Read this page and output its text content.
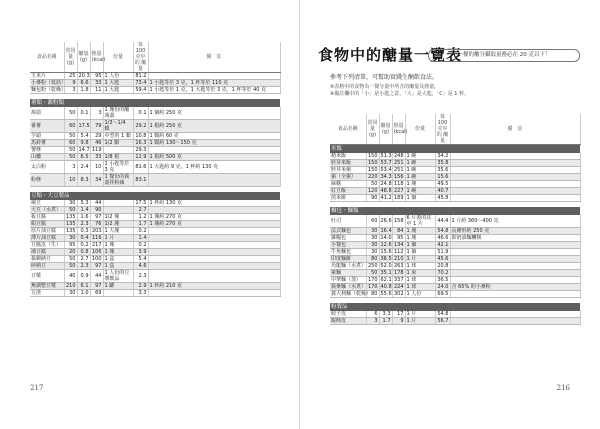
食品名稱	常用量 (g)	醣量 (g)	熱量 (kcal)	份量	每 100 克中的 醣量	備　註
玉米片	25	20.3	95	1 人份	81.2	
小麥粉（低筋）	9	6.6	33	1 大匙	73.4	1 小匙等於 3 克，1 杯等於 110 克
麵包粉（乾燥）	3	1.8	11	1 大匙	59.4	1 小匙等於 1 克，1 大匙等於 3 克，1 杯等於 40 克

薯類・澱粉類						
蒟蒻	50	0.1	3	1 塊份的醣 蒟蒻	0.1	1 個約 250 克
番薯	60	17.5	79	1/3～1/4 顆	29.2	1 根約 250 克
芋頭	50	5.4	29	中型的 1 顆	10.8	1 顆約 60 克
馬鈴薯	60	9.8	46	1/2 顆	16.3	1 顆約 130～150 克
薯條	50	14.7	119		29.3	
山藥	50	6.5	33	1/8 根	12.9	1 根約 500 克
太白粉	3	2.4	10	1 小匙等於 3 克	81.6	1 大匙約 9 克，1 杯約 130 克
粉條	10	8.3	34	1 餐份的蒟 蒻拌粉絲	83.1	

豆類・大豆製品						
豌豆	30	5.3	44		17.5	1 杯約 130 克
大豆（水煮）	50	1.4	90		2.7	
板豆腐	135	1.6	97	1/2 塊	1.2	1 塊約 270 克
絹豆腐	135	2.3	76	1/2 塊	1.7	1 塊約 270 克
厚片油豆腐	135	0.3	203	1 大塊	0.2	
薄片油豆腐	30	0.4	116	1 片	1.4	
豆腐皮（生）	95	0.2	217	1 塊	0.2	
凍豆腐	20	0.8	106	1 塊	3.9	
黏稠納豆	50	2.7	100	1 盒	5.4	
碎納豆	50	2.3	97	1 盒	4.6	
豆漿	40	0.9	44	1 人份的豆 漿飲品	2.3	
無調整豆漿	210	6.1	97	1 罐	2.9	1 杯約 210 克
豆渣	30	1.0	69		3.3	
217
食物中的醣量一覽表
一餐的醣分攝取量務必在 20 克以下！
參考下列清單，可幫助實踐生酮飲食法。
※表格中的食物為一餐分量中所含的醣量及熱量。
※備註欄中的「小」是小匙之意，「大」是大匙，「C」是 1 杯。
食品名稱	常用量 (g)	醣量 (g)	熱量 (kcal)	份量	每 100 克中的 醣量	備　註
米飯						
精米飯	150	51.3	248	1 碗	34.2	
胚芽米飯	150	53.7	251	1 碗	35.8	
胚芽米粥	150	53.4	251	1 碗	35.6	
粥（全粥）	220	34.3	156	1 碗	15.6	
麻糬	50	24.8	118	1 塊	49.5	
紅豆飯	120	48.8	227	1 碗	40.7	
煎米餅	90	41.2	189	1 個	45.8	

麵包・麵類						
吐司	60	26.6	158	6 片裝的其 中 1 片	44.4	1 斤約 360～400 克
法式麵包	30	16.4	84	1 塊	54.8	長條形約 250 克
雜糧包	30	14.0	95	1 塊	46.6	即奶油麵糰類
小餐包	30	12.6	134	1 個	42.1	
牛角麵包	30	15.6	112	1 個	51.9	
印度麵餅	80	36.5	210	1 片	45.6	
烏龍麵（水煮）	250	52.0	263	1 球	20.8	
素麵	50	35.1	178	1 束	70.2	
中華麵（蒸）	170	62.1	337	1 球	36.5	
蕎麥麵（水煮）	170	40.8	224	1 球	24.0	含 65% 的小麥粉
義大利麵（乾燥）	80	55.6	302	1 人份	69.5	

粉製品						
餃子皮	6	3.3	17	1 片	54.8	
餛飩皮	3	1.7	9	1 片	56.7	
216
